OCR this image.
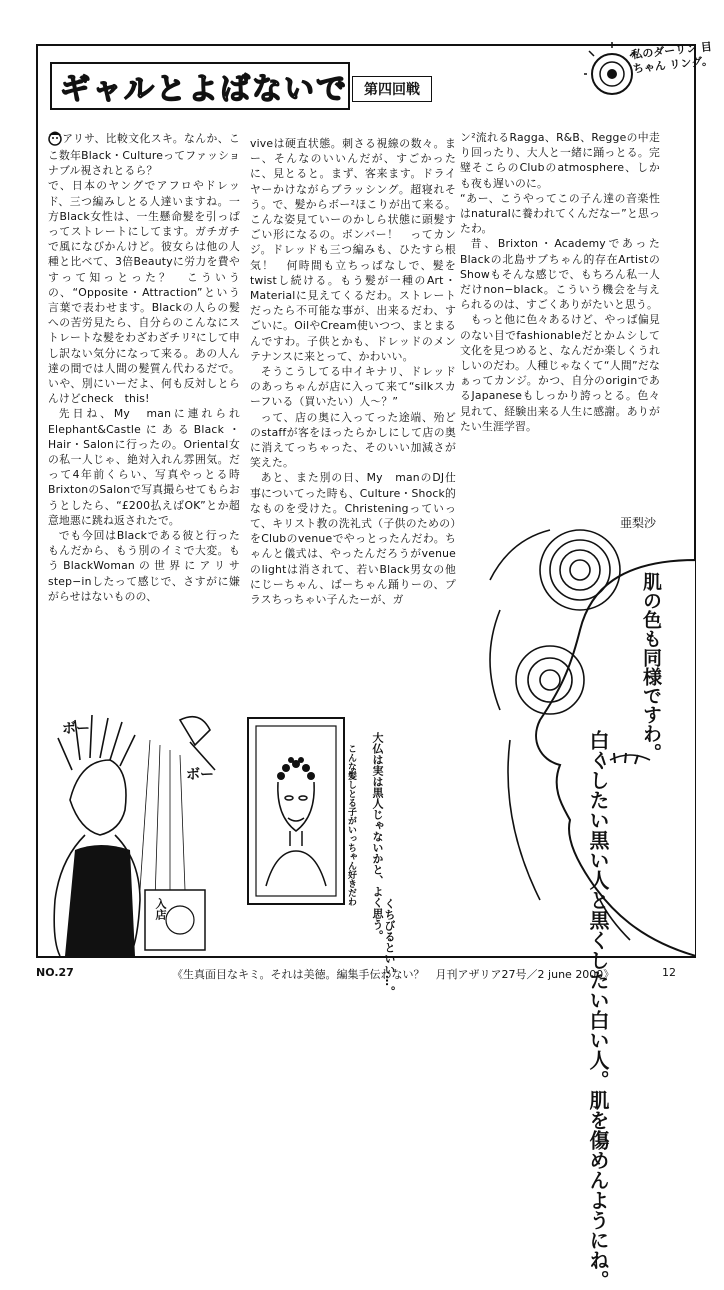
ギャルとよばないで	第四回戦
私のダーリン 目ちゃん リング。

アリサ、比較文化スキ。なんか、ここ数年Black・Cultureってファッショナブル視されとるら？

で、日本のヤングでアフロやドレッド、三つ編みしとる人達いますね。一方Black女性は、一生懸命髪を引っぱってストレートにしてます。ガチガチで風になびかんけど。彼女らは他の人種と比べて、3倍Beautyに労力を費やすって知っとった？　こういうの、“Opposite・Attraction”という言葉で表わせます。Blackの人らの髪への苦労見たら、自分らのこんなにストレートな髪をわざわざチリ²にして申し訳ない気分になって来る。あの人ん達の間では人間の髪質ん代わるだで。いや、別にいーだよ、何も反対しとらんけどcheck　this!

先日ね、My　manに連れられElephant&CastleにあるBlack・Hair・Salonに行ったの。Oriental女の私一人じゃ、絶対入れん雰囲気。だって4年前くらい、写真やっとる時BrixtonのSalonで写真撮らせてもらおうとしたら、“£200払えばOK”とか超意地悪に跳ね返されたで。

でも今回はBlackである彼と行ったもんだから、もう別のイミで大変。もうBlackWomanの世界にアリサstep−inしたって感じで、さすがに嫌がらせはないものの、

viveは硬直状態。刺さる視線の数々。まー、そんなのいいんだが、すごかったに、見とると。まず、客来ます。ドライヤーかけながらブラッシング。超寝れそう。で、髪からボー²ほこりが出て来る。こんな姿見ていーのかしら状態に頭髪すごい形になるの。ボンバー！　ってカンジ。ドレッドも三つ編みも、ひたすら根気！　何時間も立ちっぱなしで、髪をtwistし続ける。もう髪が一種のArt・Materialに見えてくるだわ。ストレートだったら不可能な事が、出来るだわ、すごいに。OilやCream使いつつ、まとまるんですわ。子供とかも、ドレッドのメンテナンスに来とって、かわいい。

そうこうしてる中イキナリ、ドレッドのあっちゃんが店に入って来て“silkスカーフいる（買いたい）人〜？”

って、店の奥に入ってった途端、殆どのstaffが客をほったらかしにして店の奥に消えてっちゃった、そのいい加減さが笑えた。

あと、また別の日、My　manのDJ仕事についてった時も、Culture・Shock的なものを受けた。Christeningっていって、キリスト教の洗礼式（子供のための）をClubのvenueでやっとったんだわ。ちゃんと儀式は、やったんだろうがvenueのlightは消されて、若いBlack男女の他にじーちゃん、ばーちゃん踊りーの、プラスちっちゃい子んたーが、ガ

ン²流れるRagga、R&B、Reggeの中走り回ったり、大人と一緒に踊っとる。完璧そこらのClubのatmosphere、しかも夜も遅いのに。

“あー、こうやってこの子ん達の音楽性はnaturalに養われてくんだなー”と思ったわ。

昔、Brixton・AcademyであったBlackの北島サブちゃん的存在ArtistのShowもそんな感じで、もちろん私一人だけnon−black。こういう機会を与えられるのは、すごくありがたいと思う。

もっと他に色々あるけど、やっぱ偏見のない目でfashionableだとかムシして文化を見つめると、なんだか楽しくうれしいのだわ。人種じゃなくて“人間”だなぁってカンジ。かつ、自分のoriginであるJapaneseもしっかり誇っとる。色々見れて、経験出来る人生に感謝。ありがたい生涯学習。

亜梨沙
肌の色も同様ですわ。
白くしたい黒い人と黒くしたい白い人。肌を傷めんようにね。
ボー
ボー
入店
こんな髪しとる子がいっちゃん好きだわ 大仏は実は黒人じゃないかと、よく思う。
くちびるといい…。
NO.27	《生真面目なキミ。それは美徳。編集手伝わない？　月刊アザリア27号／2 june 2000》	12
